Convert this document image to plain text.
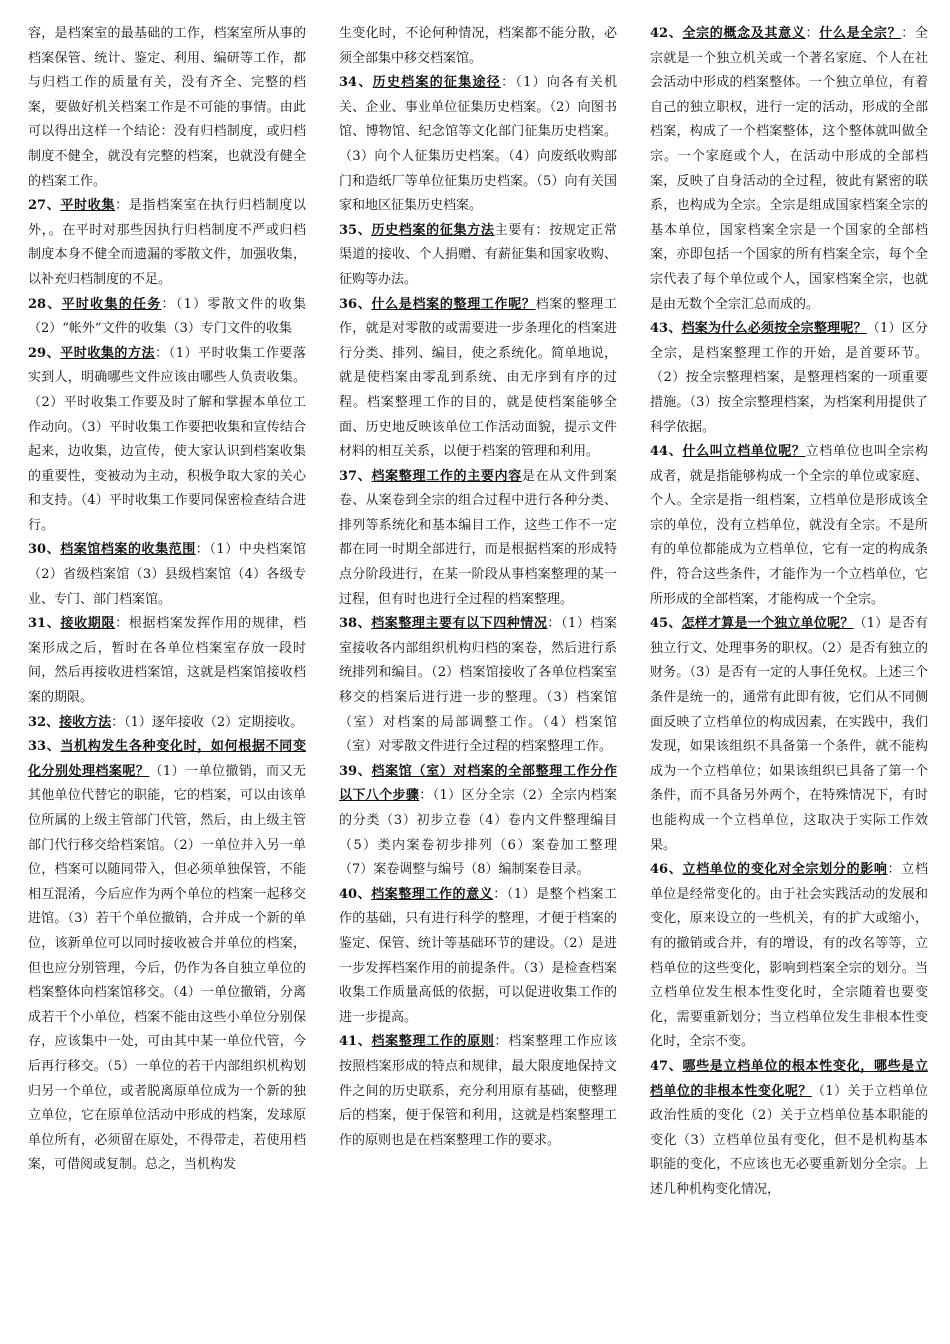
容，是档案室的最基础的工作，档案室所从事的档案保管、统计、鉴定、利用、编研等工作，都与归档工作的质量有关，没有齐全、完整的档案，要做好机关档案工作是不可能的事情。由此可以得出这样一个结论：没有归档制度，或归档制度不健全，就没有完整的档案，也就没有健全的档案工作。

27、平时收集：是指档案室在执行归档制度以外，。在平时对那些因执行归档制度不严或归档制度本身不健全而遗漏的零散文件，加强收集，以补充归档制度的不足。

28、平时收集的任务：（1）零散文件的收集（2）“帐外”文件的收集（3）专门文件的收集

29、平时收集的方法：（1）平时收集工作要落实到人，明确哪些文件应该由哪些人负责收集。（2）平时收集工作要及时了解和掌握本单位工作动向。（3）平时收集工作要把收集和宣传结合起来，边收集，边宣传，使大家认识到档案收集的重要性，变被动为主动，积极争取大家的关心和支持。（4）平时收集工作要同保密检查结合进行。

30、档案馆档案的收集范围：（1）中央档案馆（2）省级档案馆（3）县级档案馆（4）各级专业、专门、部门档案馆。

31、接收期限：根据档案发挥作用的规律，档案形成之后，暂时在各单位档案室存放一段时间，然后再接收进档案馆，这就是档案馆接收档案的期限。

32、接收方法：（1）逐年接收（2）定期接收。

33、当机构发生各种变化时，如何根据不同变化分别处理档案呢？（1）一单位撤销，而又无其他单位代替它的职能，它的档案，可以由该单位所属的上级主管部门代管，然后，由上级主管部门代行移交给档案馆。（2）一单位并入另一单位，档案可以随同带入，但必须单独保管，不能相互混淆，今后应作为两个单位的档案一起移交进馆。（3）若干个单位撤销，合并成一个新的单位，该新单位可以同时接收被合并单位的档案，但也应分别管理，今后，仍作为各自独立单位的档案整体向档案馆移交。（4）一单位撤销，分离成若干个小单位，档案不能由这些小单位分别保存，应该集中一处，可由其中某一单位代管，今后再行移交。（5）一单位的若干内部组织机构划归另一个单位，或者脱离原单位成为一个新的独立单位，它在原单位活动中形成的档案，发球原单位所有，必须留在原处，不得带走，若使用档案，可借阅或复制。总之，当机构发

生变化时，不论何种情况，档案都不能分散，必须全部集中移交档案馆。

34、历史档案的征集途径：（1）向各有关机关、企业、事业单位征集历史档案。（2）向图书馆、博物馆、纪念馆等文化部门征集历史档案。（3）向个人征集历史档案。（4）向废纸收购部门和造纸厂等单位征集历史档案。（5）向有关国家和地区征集历史档案。

35、历史档案的征集方法主要有：按规定正常渠道的接收、个人捐赠、有薪征集和国家收购、征购等办法。

36、什么是档案的整理工作呢？档案的整理工作，就是对零散的或需要进一步条理化的档案进行分类、排列、编目，使之系统化。简单地说，就是使档案由零乱到系统、由无序到有序的过程。档案整理工作的目的，就是使档案能够全面、历史地反映该单位工作活动面貌，提示文件材料的相互关系，以便于档案的管理和利用。

37、档案整理工作的主要内容是在从文件到案卷、从案卷到全宗的组合过程中进行各种分类、排列等系统化和基本编目工作，这些工作不一定都在同一时期全部进行，而是根据档案的形成特点分阶段进行，在某一阶段从事档案整理的某一过程，但有时也进行全过程的档案整理。

38、档案整理主要有以下四种情况：（1）档案室接收各内部组织机构归档的案卷，然后进行系统排列和编目。（2）档案馆接收了各单位档案室移交的档案后进行进一步的整理。（3）档案馆（室）对档案的局部调整工作。（4）档案馆（室）对零散文件进行全过程的档案整理工作。

39、档案馆（室）对档案的全部整理工作分作以下八个步骤：（1）区分全宗（2）全宗内档案的分类（3）初步立卷（4）卷内文件整理编目（5）类内案卷初步排列（6）案卷加工整理（7）案卷调整与编号（8）编制案卷目录。

40、档案整理工作的意义：（1）是整个档案工作的基础，只有进行科学的整理，才便于档案的鉴定、保管、统计等基础环节的建设。（2）是进一步发挥档案作用的前提条件。（3）是检查档案收集工作质量高低的依据，可以促进收集工作的进一步提高。

41、档案整理工作的原则：档案整理工作应该按照档案形成的特点和规律，最大限度地保持文件之间的历史联系，充分利用原有基础，使整理后的档案，便于保管和利用，这就是档案整理工作的原则也是在档案整理工作的要求。

42、全宗的概念及其意义：什么是全宗？：全宗就是一个独立机关或一个著名家庭、个人在社会活动中形成的档案整体。一个独立单位，有着自己的独立职权，进行一定的活动，形成的全部档案，构成了一个档案整体，这个整体就叫做全宗。一个家庭或个人，在活动中形成的全部档案，反映了自身活动的全过程，彼此有紧密的联系，也构成为全宗。全宗是组成国家档案全宗的基本单位，国家档案全宗是一个国家的全部档案，亦即包括一个国家的所有档案全宗，每个全宗代表了每个单位或个人，国家档案全宗，也就是由无数个全宗汇总而成的。

43、档案为什么必须按全宗整理呢？（1）区分全宗，是档案整理工作的开始，是首要环节。（2）按全宗整理档案，是整理档案的一项重要措施。（3）按全宗整理档案，为档案利用提供了科学依据。

44、什么叫立档单位呢？立档单位也叫全宗构成者，就是指能够构成一个全宗的单位或家庭、个人。全宗是指一组档案，立档单位是形成该全宗的单位，没有立档单位，就没有全宗。不是所有的单位都能成为立档单位，它有一定的构成条件，符合这些条件，才能作为一个立档单位，它所形成的全部档案，才能构成一个全宗。

45、怎样才算是一个独立单位呢？（1）是否有独立行文、处理事务的职权。（2）是否有独立的财务。（3）是否有一定的人事任免权。上述三个条件是统一的，通常有此即有彼，它们从不同侧面反映了立档单位的构成因素，在实践中，我们发现，如果该组织不具备第一个条件，就不能构成为一个立档单位；如果该组织已具备了第一个条件，而不具备另外两个，在特殊情况下，有时也能构成一个立档单位，这取决于实际工作效果。

46、立档单位的变化对全宗划分的影响：立档单位是经常变化的。由于社会实践活动的发展和变化，原来设立的一些机关，有的扩大或缩小，有的撤销或合并，有的增设，有的改名等等，立档单位的这些变化，影响到档案全宗的划分。当立档单位发生根本性变化时，全宗随着也要变化，需要重新划分；当立档单位发生非根本性变化时，全宗不变。

47、哪些是立档单位的根本性变化，哪些是立档单位的非根本性变化呢？（1）关于立档单位政治性质的变化（2）关于立档单位基本职能的变化（3）立档单位虽有变化，但不是机构基本职能的变化，不应该也无必要重新划分全宗。上述几种机构变化情况，
